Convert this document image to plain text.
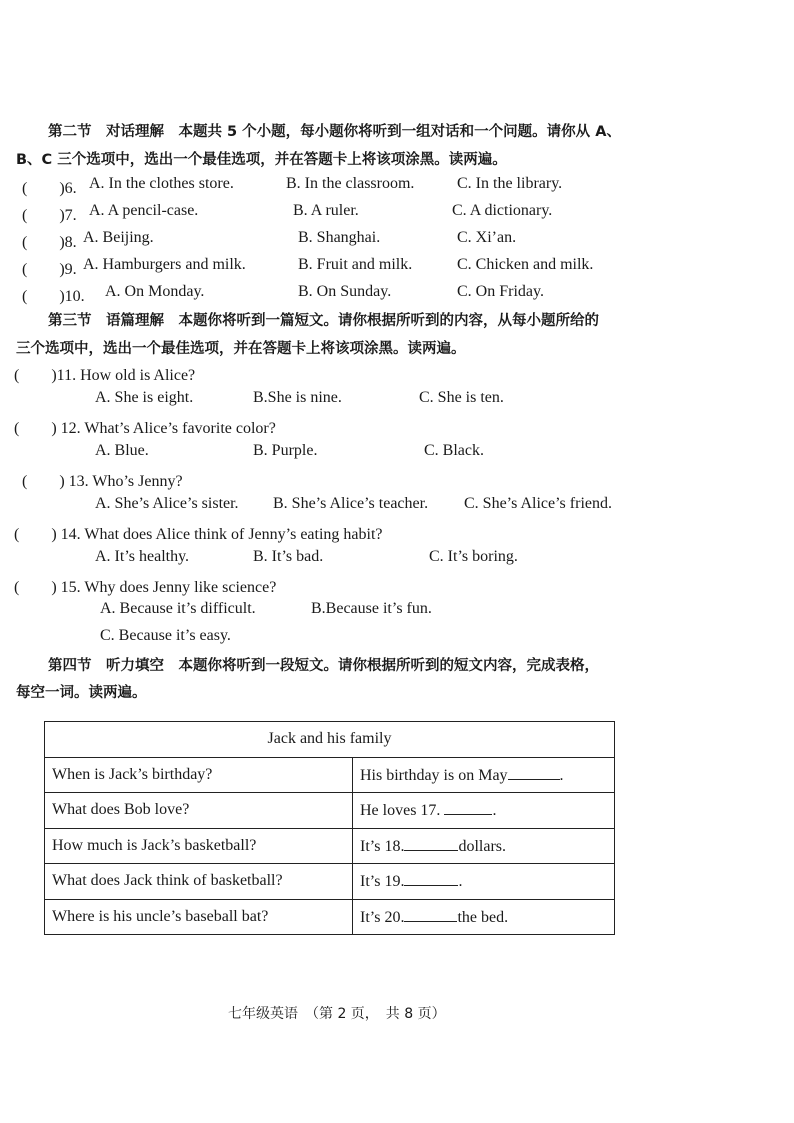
第二节　对话理解　本题共 5 个小题，每小题你将听到一组对话和一个问题。请你从 A、
B、C 三个选项中，选出一个最佳选项，并在答题卡上将该项涂黑。读两遍。
(　　)6. A. In the clothes store.	B. In the classroom.	C. In the library.
(　　)7. A. A pencil-case.	B. A ruler.	C. A dictionary.
(　　)8. A. Beijing.	B. Shanghai.	C. Xi’an.
(　　)9. A. Hamburgers and milk.	B. Fruit and milk.	C. Chicken and milk.
(　　)10. A. On Monday.	B. On Sunday.	C. On Friday.
第三节　语篇理解　本题你将听到一篇短文。请你根据所听到的内容，从每小题所给的
三个选项中，选出一个最佳选项，并在答题卡上将该项涂黑。读两遍。
(　　)11. How old is Alice?
A. She is eight.	B.She is nine.	C. She is ten.
(　　) 12. What’s Alice’s favorite color?
A. Blue.	B. Purple.	C. Black.
(　　) 13. Who’s Jenny?
A. She’s Alice’s sister. B. She’s Alice’s teacher. C. She’s Alice’s friend.
(　　) 14. What does Alice think of Jenny’s eating habit?
A. It’s healthy.	B. It’s bad.	C. It’s boring.
(　　) 15. Why does Jenny like science?
A. Because it’s difficult.	B.Because it’s fun.
C. Because it’s easy.
第四节　听力填空　本题你将听到一段短文。请你根据所听到的短文内容，完成表格，
每空一词。读两遍。
Jack and his family	
When is Jack’s birthday?	His birthday is on May .
What does Bob love?	He loves 17. .
How much is Jack’s basketball?	It’s 18. dollars.
What does Jack think of basketball?	It’s 19. .
Where is his uncle’s baseball bat?	It’s 20. the bed.
七年级英语　（第 2 页，　共 8 页）
